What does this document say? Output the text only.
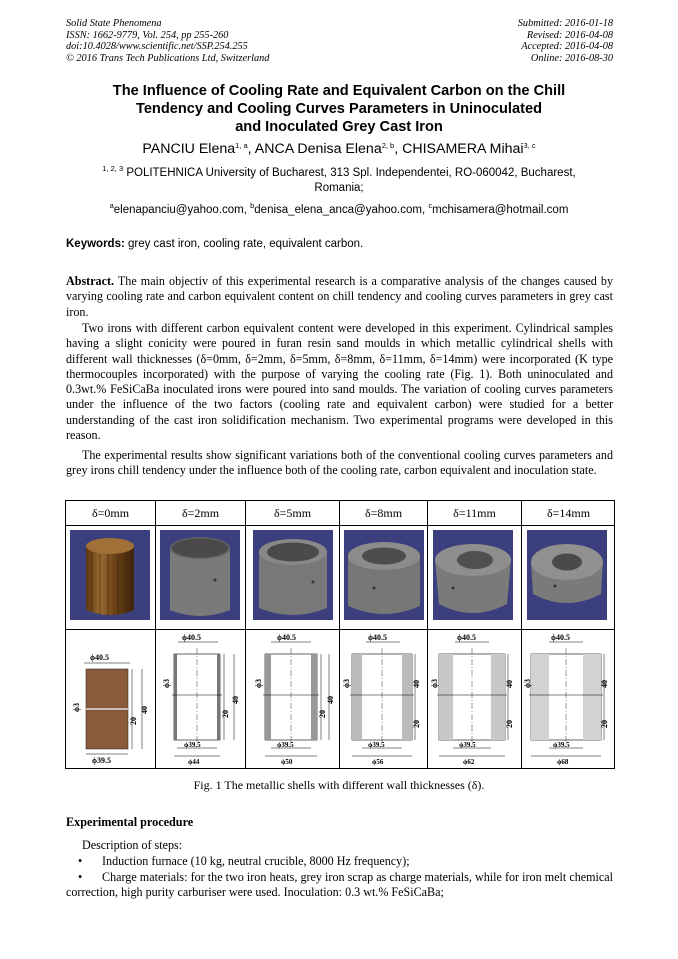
Solid State Phenomena
ISSN: 1662-9779, Vol. 254, pp 255-260
doi:10.4028/www.scientific.net/SSP.254.255
© 2016 Trans Tech Publications Ltd, Switzerland
Submitted: 2016-01-18
Revised: 2016-04-08
Accepted: 2016-04-08
Online: 2016-08-30
The Influence of Cooling Rate and Equivalent Carbon on the Chill
Tendency and Cooling Curves Parameters in Uninoculated
and Inoculated Grey Cast Iron
PANCIU Elena$^{1, a}$, ANCA Denisa Elena$^{2, b}$, CHISAMERA Mihai$^{3, c}$
$^{1, 2, 3}$ POLITEHNICA University of Bucharest, 313 Spl. Independentei, RO-060042, Bucharest,
Romania;
$^a$elenapanciu@yahoo.com, $^b$denisa_elena_anca@yahoo.com, $^c$mchisamera@hotmail.com
Keywords: grey cast iron, cooling rate, equivalent carbon.
Abstract. The main objectiv of this experimental research is a comparative analysis of the changes caused by varying cooling rate and carbon equivalent content on chill tendency and cooling curves parameters in grey cast iron.
Two irons with different carbon equivalent content were developed in this experiment. Cylindrical samples having a slight conicity were poured in furan resin sand moulds in which metallic cylindrical shells with different wall thicknesses (δ=0mm, δ=2mm, δ=5mm, δ=8mm, δ=11mm, δ=14mm) were incorporated (K type thermocouples incorporated) with the purpose of varying the cooling rate (Fig. 1). Both uninoculated and 0.3wt.% FeSiCaBa inoculated irons were poured into sand moulds. The variation of cooling curves parameters under the influence of the two factors (cooling rate and equivalent carbon) were studied for a better understanding of the cast iron solidification mechanism. Two experimental programs were developed in this reason.
The experimental results show significant variations both of the conventional cooling curves parameters and grey irons chill tendency under the influence both of the cooling rate, carbon equivalent and inoculation state.
δ=0mm	δ=2mm	δ=5mm	δ=8mm	δ=11mm	δ=14mm
ϕ40.5
ϕ39.5
ϕ3
20
40
ϕ40.5
ϕ39.5
ϕ44
ϕ3
20
40
ϕ40.5
ϕ39.5
ϕ50
ϕ3
20
40
ϕ40.5
ϕ39.5
ϕ56
ϕ3
20
40
ϕ40.5
ϕ39.5
ϕ62
ϕ3
20
40
ϕ40.5
ϕ39.5
ϕ68
ϕ3
20
40
Fig. 1 The metallic shells with different wall thicknesses (δ).
Experimental procedure
Description of steps:
• Induction furnace (10 kg, neutral crucible, 8000 Hz frequency);
• Charge materials: for the two iron heats, grey iron scrap as charge materials, while for iron melt chemical correction, high purity carburiser were used. Inoculation: 0.3 wt.% FeSiCaBa;
